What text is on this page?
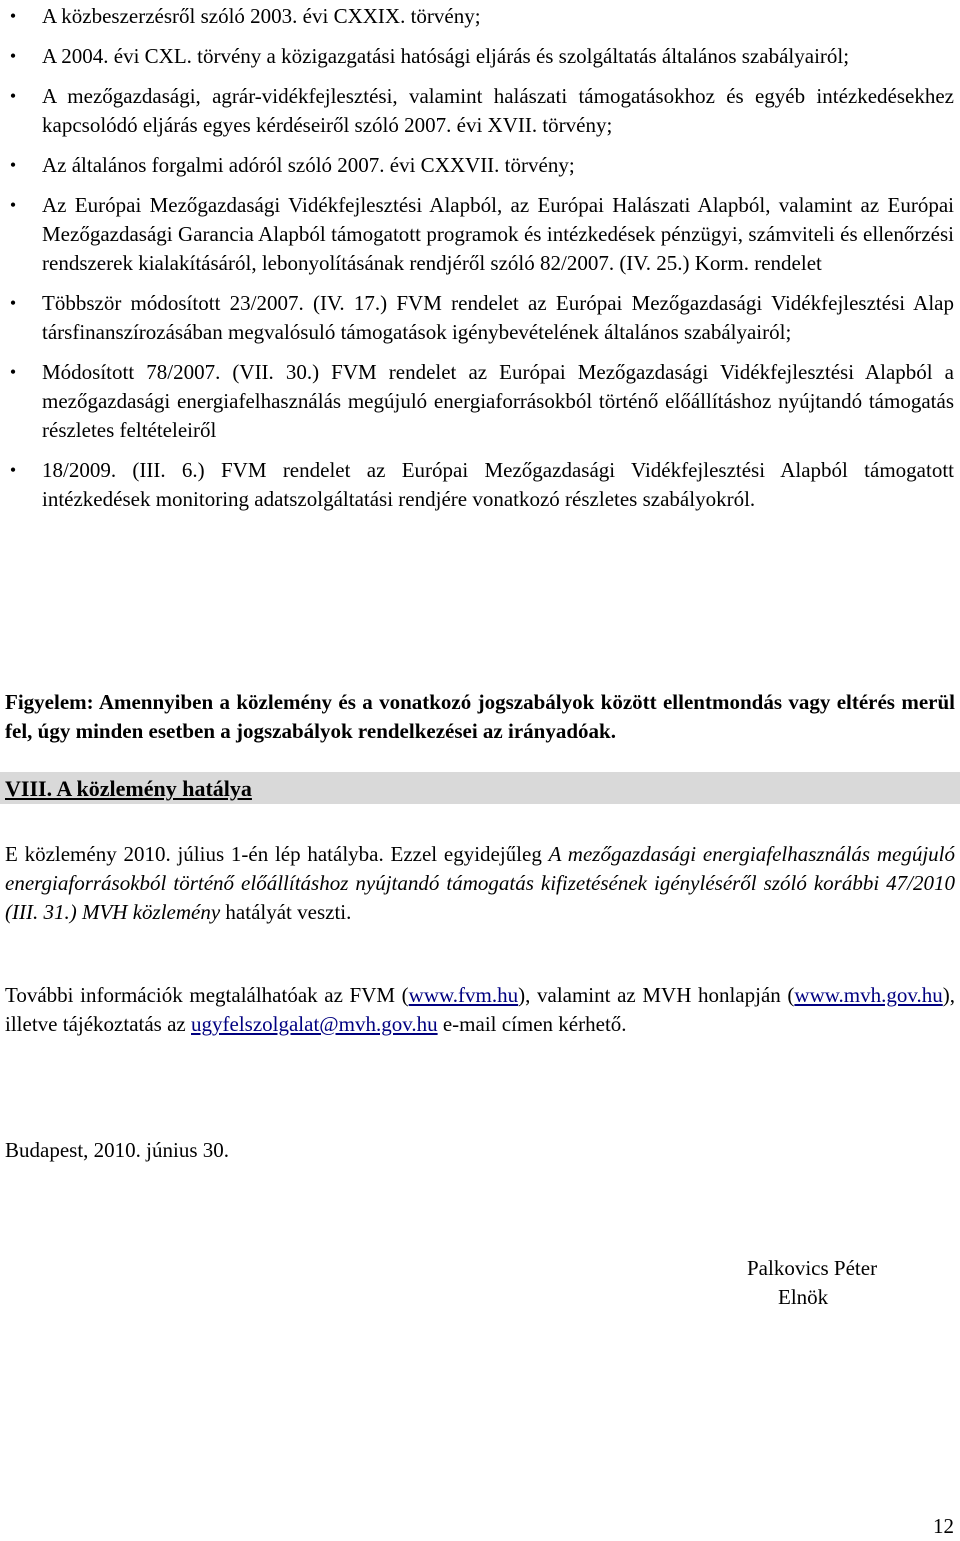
• A közbeszerzésről szóló 2003. évi CXXIX. törvény;
• A 2004. évi CXL. törvény a közigazgatási hatósági eljárás és szolgáltatás általános szabályairól;
• A mezőgazdasági, agrár-vidékfejlesztési, valamint halászati támogatásokhoz és egyéb intézkedésekhez kapcsolódó eljárás egyes kérdéseiről szóló 2007. évi XVII. törvény;
• Az általános forgalmi adóról szóló 2007. évi CXXVII. törvény;
• Az Európai Mezőgazdasági Vidékfejlesztési Alapból, az Európai Halászati Alapból, valamint az Európai Mezőgazdasági Garancia Alapból támogatott programok és intézkedések pénzügyi, számviteli és ellenőrzési rendszerek kialakításáról, lebonyolításának rendjéről szóló 82/2007. (IV. 25.) Korm. rendelet
• Többször módosított 23/2007. (IV. 17.) FVM rendelet az Európai Mezőgazdasági Vidékfejlesztési Alap társfinanszírozásában megvalósuló támogatások igénybevételének általános szabályairól;
• Módosított 78/2007. (VII. 30.) FVM rendelet az Európai Mezőgazdasági Vidékfejlesztési Alapból a mezőgazdasági energiafelhasználás megújuló energiaforrásokból történő előállításhoz nyújtandó támogatás részletes feltételeiről
• 18/2009. (III. 6.) FVM rendelet az Európai Mezőgazdasági Vidékfejlesztési Alapból támogatott intézkedések monitoring adatszolgáltatási rendjére vonatkozó részletes szabályokról.
Figyelem: Amennyiben a közlemény és a vonatkozó jogszabályok között ellentmondás vagy eltérés merül fel, úgy minden esetben a jogszabályok rendelkezései az irányadóak.
VIII. A közlemény hatálya
E közlemény 2010. július 1-én lép hatályba. Ezzel egyidejűleg A mezőgazdasági energiafelhasználás megújuló energiaforrásokból történő előállításhoz nyújtandó támogatás kifizetésének igényléséről szóló korábbi 47/2010 (III. 31.) MVH közlemény hatályát veszti.
További információk megtalálhatóak az FVM (www.fvm.hu), valamint az MVH honlapján (www.mvh.gov.hu), illetve tájékoztatás az ugyfelszolgalat@mvh.gov.hu e-mail címen kérhető.
Budapest, 2010. június 30.
Palkovics Péter
Elnök
12
